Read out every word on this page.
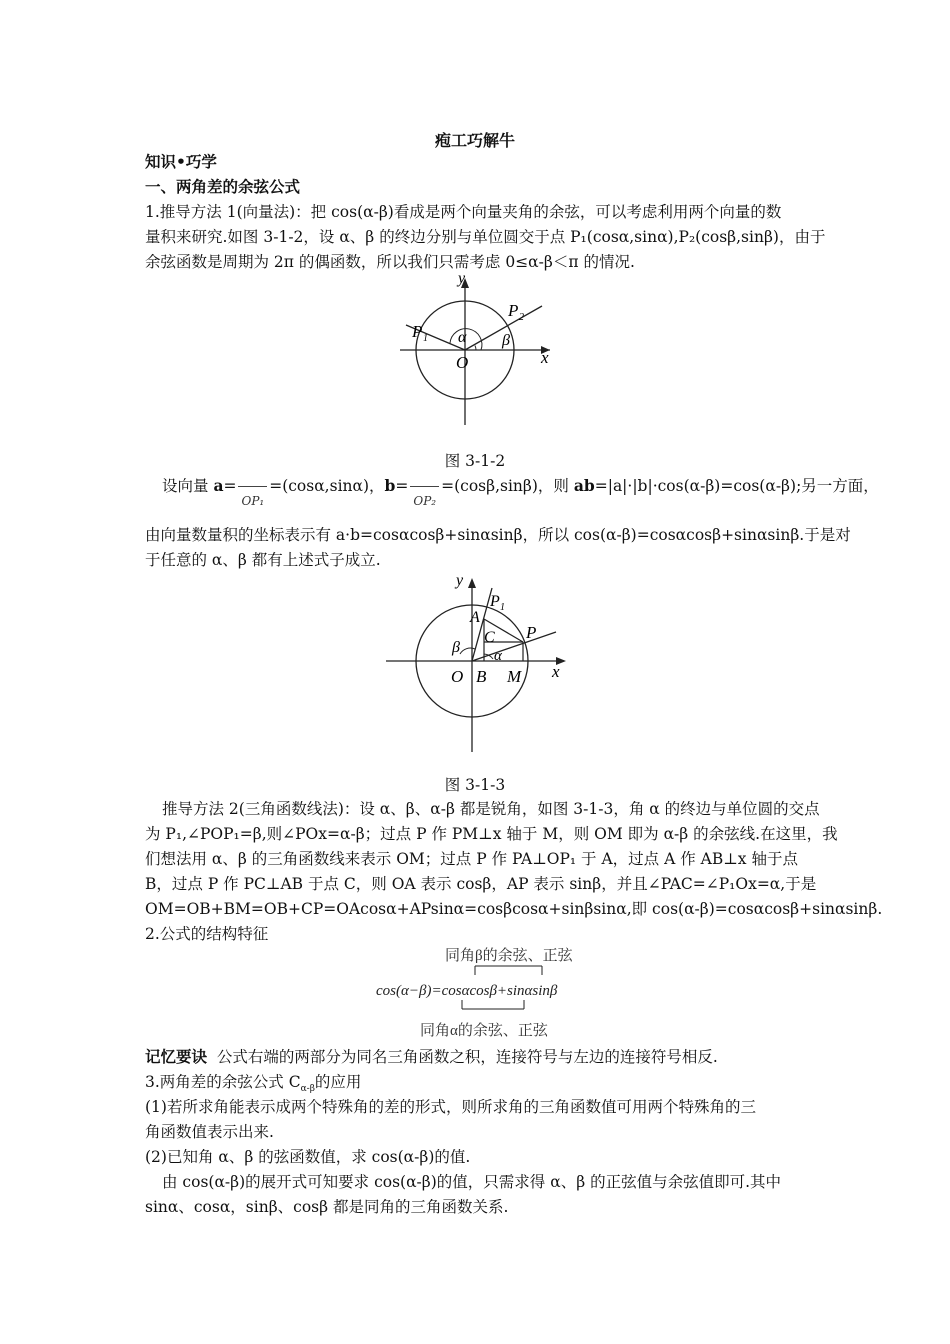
疱工巧解牛
知识•巧学
一、两角差的余弦公式
1.推导方法 1(向量法)：把 cos(α-β)看成是两个向量夹角的余弦，可以考虑利用两个向量的数
量积来研究.如图 3-1-2，设 α、β 的终边分别与单位圆交于点 P₁(cosα,sinα),P₂(cosβ,sinβ)，由于
余弦函数是周期为 2π 的偶函数，所以我们只需考虑 0≤α-β＜π 的情况.
y
x
O
P 1
P 2
α β
图 3-1-2
设向量 a=OP₁=(cosα,sinα)，b=OP₂=(cosβ,sinβ)，则 ab=|a|·|b|·cos(α-β)=cos(α-β);另一方面，
由向量数量积的坐标表示有 a·b=cosαcosβ+sinαsinβ，所以 cos(α-β)=cosαcosβ+sinαsinβ.于是对
于任意的 α、β 都有上述式子成立.
y
x
O B M
A
C P
P 1
α
β
图 3-1-3
推导方法 2(三角函数线法)：设 α、β、α-β 都是锐角，如图 3-1-3，角 α 的终边与单位圆的交点
为 P₁,∠POP₁=β,则∠POx=α-β；过点 P 作 PM⊥x 轴于 M，则 OM 即为 α-β 的余弦线.在这里，我
们想法用 α、β 的三角函数线来表示 OM；过点 P 作 PA⊥OP₁ 于 A，过点 A 作 AB⊥x 轴于点
B，过点 P 作 PC⊥AB 于点 C，则 OA 表示 cosβ，AP 表示 sinβ，并且∠PAC=∠P₁Ox=α,于是
OM=OB+BM=OB+CP=OAcosα+APsinα=cosβcosα+sinβsinα,即 cos(α-β)=cosαcosβ+sinαsinβ.
2.公式的结构特征
同角β的余弦、正弦
cos(α−β)=cosαcosβ+sinαsinβ
同角α的余弦、正弦
记忆要诀 公式右端的两部分为同名三角函数之积，连接符号与左边的连接符号相反.
3.两角差的余弦公式 $C_{\alpha-\beta}$的应用
(1)若所求角能表示成两个特殊角的差的形式，则所求角的三角函数值可用两个特殊角的三
角函数值表示出来.
(2)已知角 α、β 的弦函数值，求 cos(α-β)的值.
由 cos(α-β)的展开式可知要求 cos(α-β)的值，只需求得 α、β 的正弦值与余弦值即可.其中
sinα、cosα，sinβ、cosβ 都是同角的三角函数关系.
